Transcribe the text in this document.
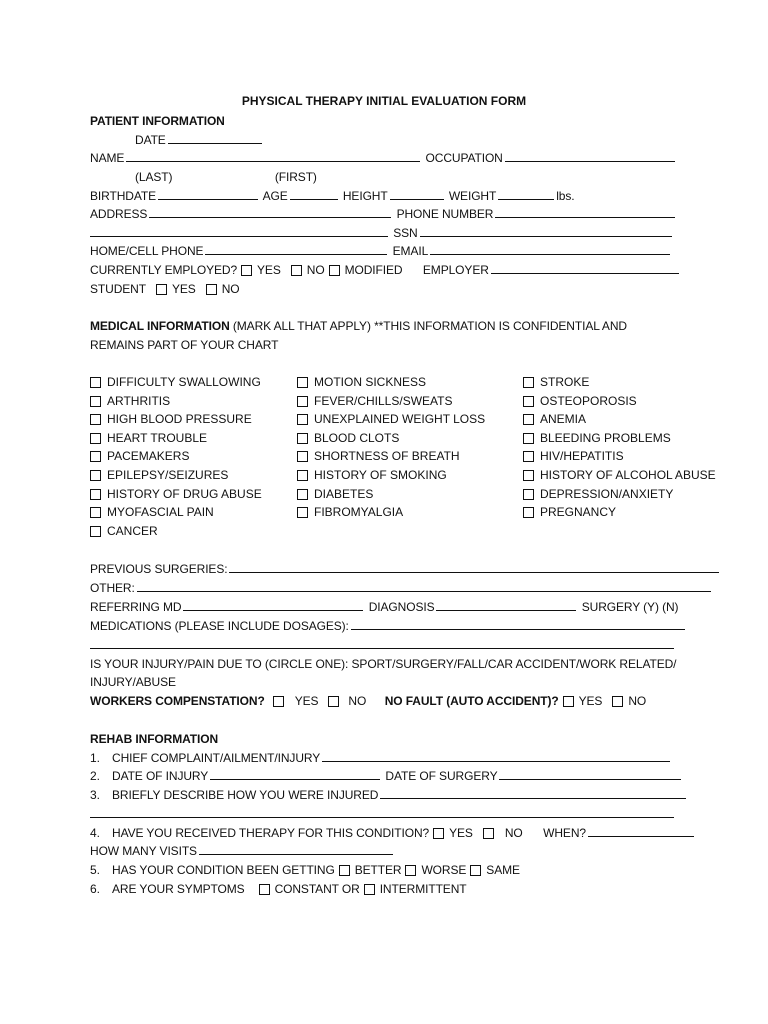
PHYSICAL THERAPY INITIAL EVALUATION FORM
PATIENT INFORMATION
DATE
NAME	OCCUPATION
(LAST)	(FIRST)
BIRTHDATE	AGE	HEIGHT	WEIGHT	lbs.
ADDRESS	PHONE NUMBER
SSN
HOME/CELL PHONE	EMAIL
CURRENTLY EMPLOYED? YES NO MODIFIED EMPLOYER
STUDENT YES NO
MEDICAL INFORMATION (MARK ALL THAT APPLY) **THIS INFORMATION IS CONFIDENTIAL AND
REMAINS PART OF YOUR CHART
DIFFICULTY SWALLOWING
ARTHRITIS
HIGH BLOOD PRESSURE
HEART TROUBLE
PACEMAKERS
EPILEPSY/SEIZURES
HISTORY OF DRUG ABUSE
MYOFASCIAL PAIN
CANCER
MOTION SICKNESS
FEVER/CHILLS/SWEATS
UNEXPLAINED WEIGHT LOSS
BLOOD CLOTS
SHORTNESS OF BREATH
HISTORY OF SMOKING
DIABETES
FIBROMYALGIA
STROKE
OSTEOPOROSIS
ANEMIA
BLEEDING PROBLEMS
HIV/HEPATITIS
HISTORY OF ALCOHOL ABUSE
DEPRESSION/ANXIETY
PREGNANCY
PREVIOUS SURGERIES:
OTHER:
REFERRING MD	DIAGNOSIS	SURGERY (Y) (N)
MEDICATIONS (PLEASE INCLUDE DOSAGES):
IS YOUR INJURY/PAIN DUE TO (CIRCLE ONE): SPORT/SURGERY/FALL/CAR ACCIDENT/WORK RELATED/
INJURY/ABUSE
WORKERS COMPENSTATION?	YES	NO NO FAULT (AUTO ACCIDENT)? YES NO
REHAB INFORMATION
1. CHIEF COMPLAINT/AILMENT/INJURY
2. DATE OF INJURY	DATE OF SURGERY
3. BRIEFLY DESCRIBE HOW YOU WERE INJURED
4. HAVE YOU RECEIVED THERAPY FOR THIS CONDITION? YES	NO WHEN?
HOW MANY VISITS
5. HAS YOUR CONDITION BEEN GETTING BETTER WORSE SAME
6. ARE YOUR SYMPTOMS	CONSTANT OR INTERMITTENT
